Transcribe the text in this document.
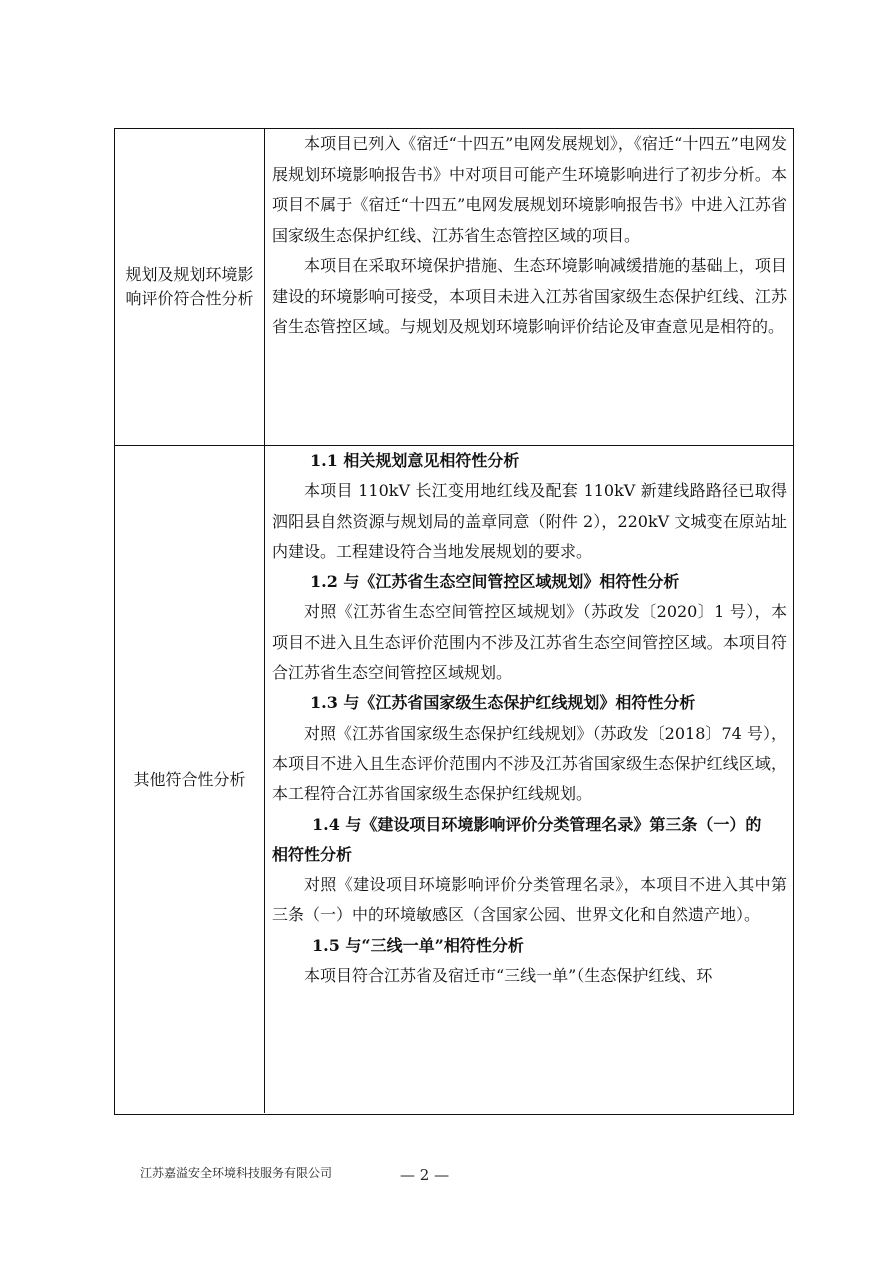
规划及规划环境影
响评价符合性分析

本项目已列入《宿迁“十四五”电网发展规划》，《宿迁“十四五”电网发展规划环境影响报告书》中对项目可能产生环境影响进行了初步分析。本项目不属于《宿迁“十四五”电网发展规划环境影响报告书》中进入江苏省国家级生态保护红线、江苏省生态管控区域的项目。

本项目在采取环境保护措施、生态环境影响减缓措施的基础上，项目建设的环境影响可接受，本项目未进入江苏省国家级生态保护红线、江苏省生态管控区域。与规划及规划环境影响评价结论及审查意见是相符的。

其他符合性分析

1.1 相关规划意见相符性分析

本项目 110kV 长江变用地红线及配套 110kV 新建线路路径已取得泗阳县自然资源与规划局的盖章同意（附件 2），220kV 文城变在原站址内建设。工程建设符合当地发展规划的要求。

1.2 与《江苏省生态空间管控区域规划》相符性分析

对照《江苏省生态空间管控区域规划》（苏政发〔2020〕1 号），本项目不进入且生态评价范围内不涉及江苏省生态空间管控区域。本项目符合江苏省生态空间管控区域规划。

1.3 与《江苏省国家级生态保护红线规划》相符性分析

对照《江苏省国家级生态保护红线规划》（苏政发〔2018〕74 号），本项目不进入且生态评价范围内不涉及江苏省国家级生态保护红线区域，本工程符合江苏省国家级生态保护红线规划。

1.4 与《建设项目环境影响评价分类管理名录》第三条（一）的

相符性分析

对照《建设项目环境影响评价分类管理名录》，本项目不进入其中第三条（一）中的环境敏感区（含国家公园、世界文化和自然遗产地）。

1.5 与“三线一单”相符性分析

本项目符合江苏省及宿迁市“三线一单”（生态保护红线、环

江苏嘉溢安全环境科技服务有限公司	— 2 —
